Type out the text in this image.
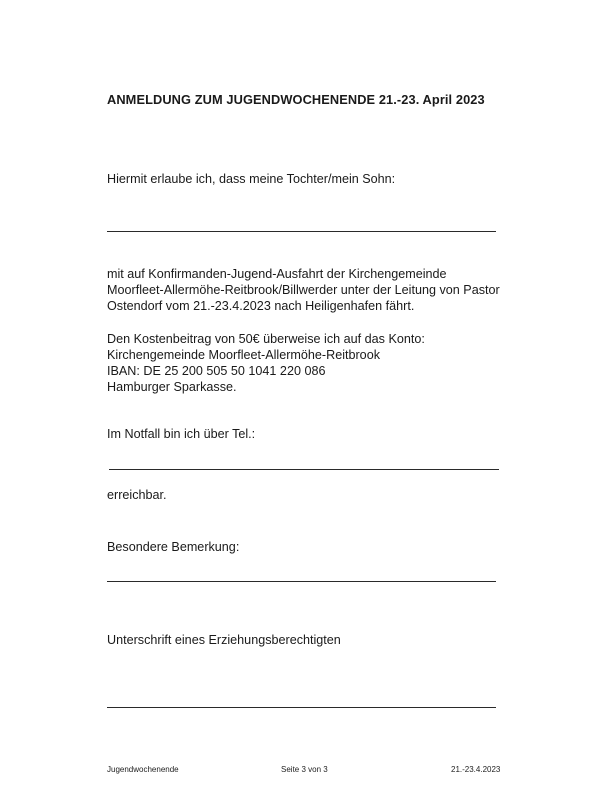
ANMELDUNG ZUM JUGENDWOCHENENDE 21.-23. April 2023
Hiermit erlaube ich, dass meine Tochter/mein Sohn:
mit auf Konfirmanden-Jugend-Ausfahrt der Kirchengemeinde
Moorfleet-Allermöhe-Reitbrook/Billwerder unter der Leitung von Pastor
Ostendorf vom 21.-23.4.2023 nach Heiligenhafen fährt.
Den Kostenbeitrag von 50€ überweise ich auf das Konto:
Kirchengemeinde Moorfleet-Allermöhe-Reitbrook
IBAN: DE 25 200 505 50 1041 220 086
Hamburger Sparkasse.
Im Notfall bin ich über Tel.:
erreichbar.
Besondere Bemerkung:
Unterschrift eines Erziehungsberechtigten
Jugendwochenende	Seite 3 von 3	21.-23.4.2023
